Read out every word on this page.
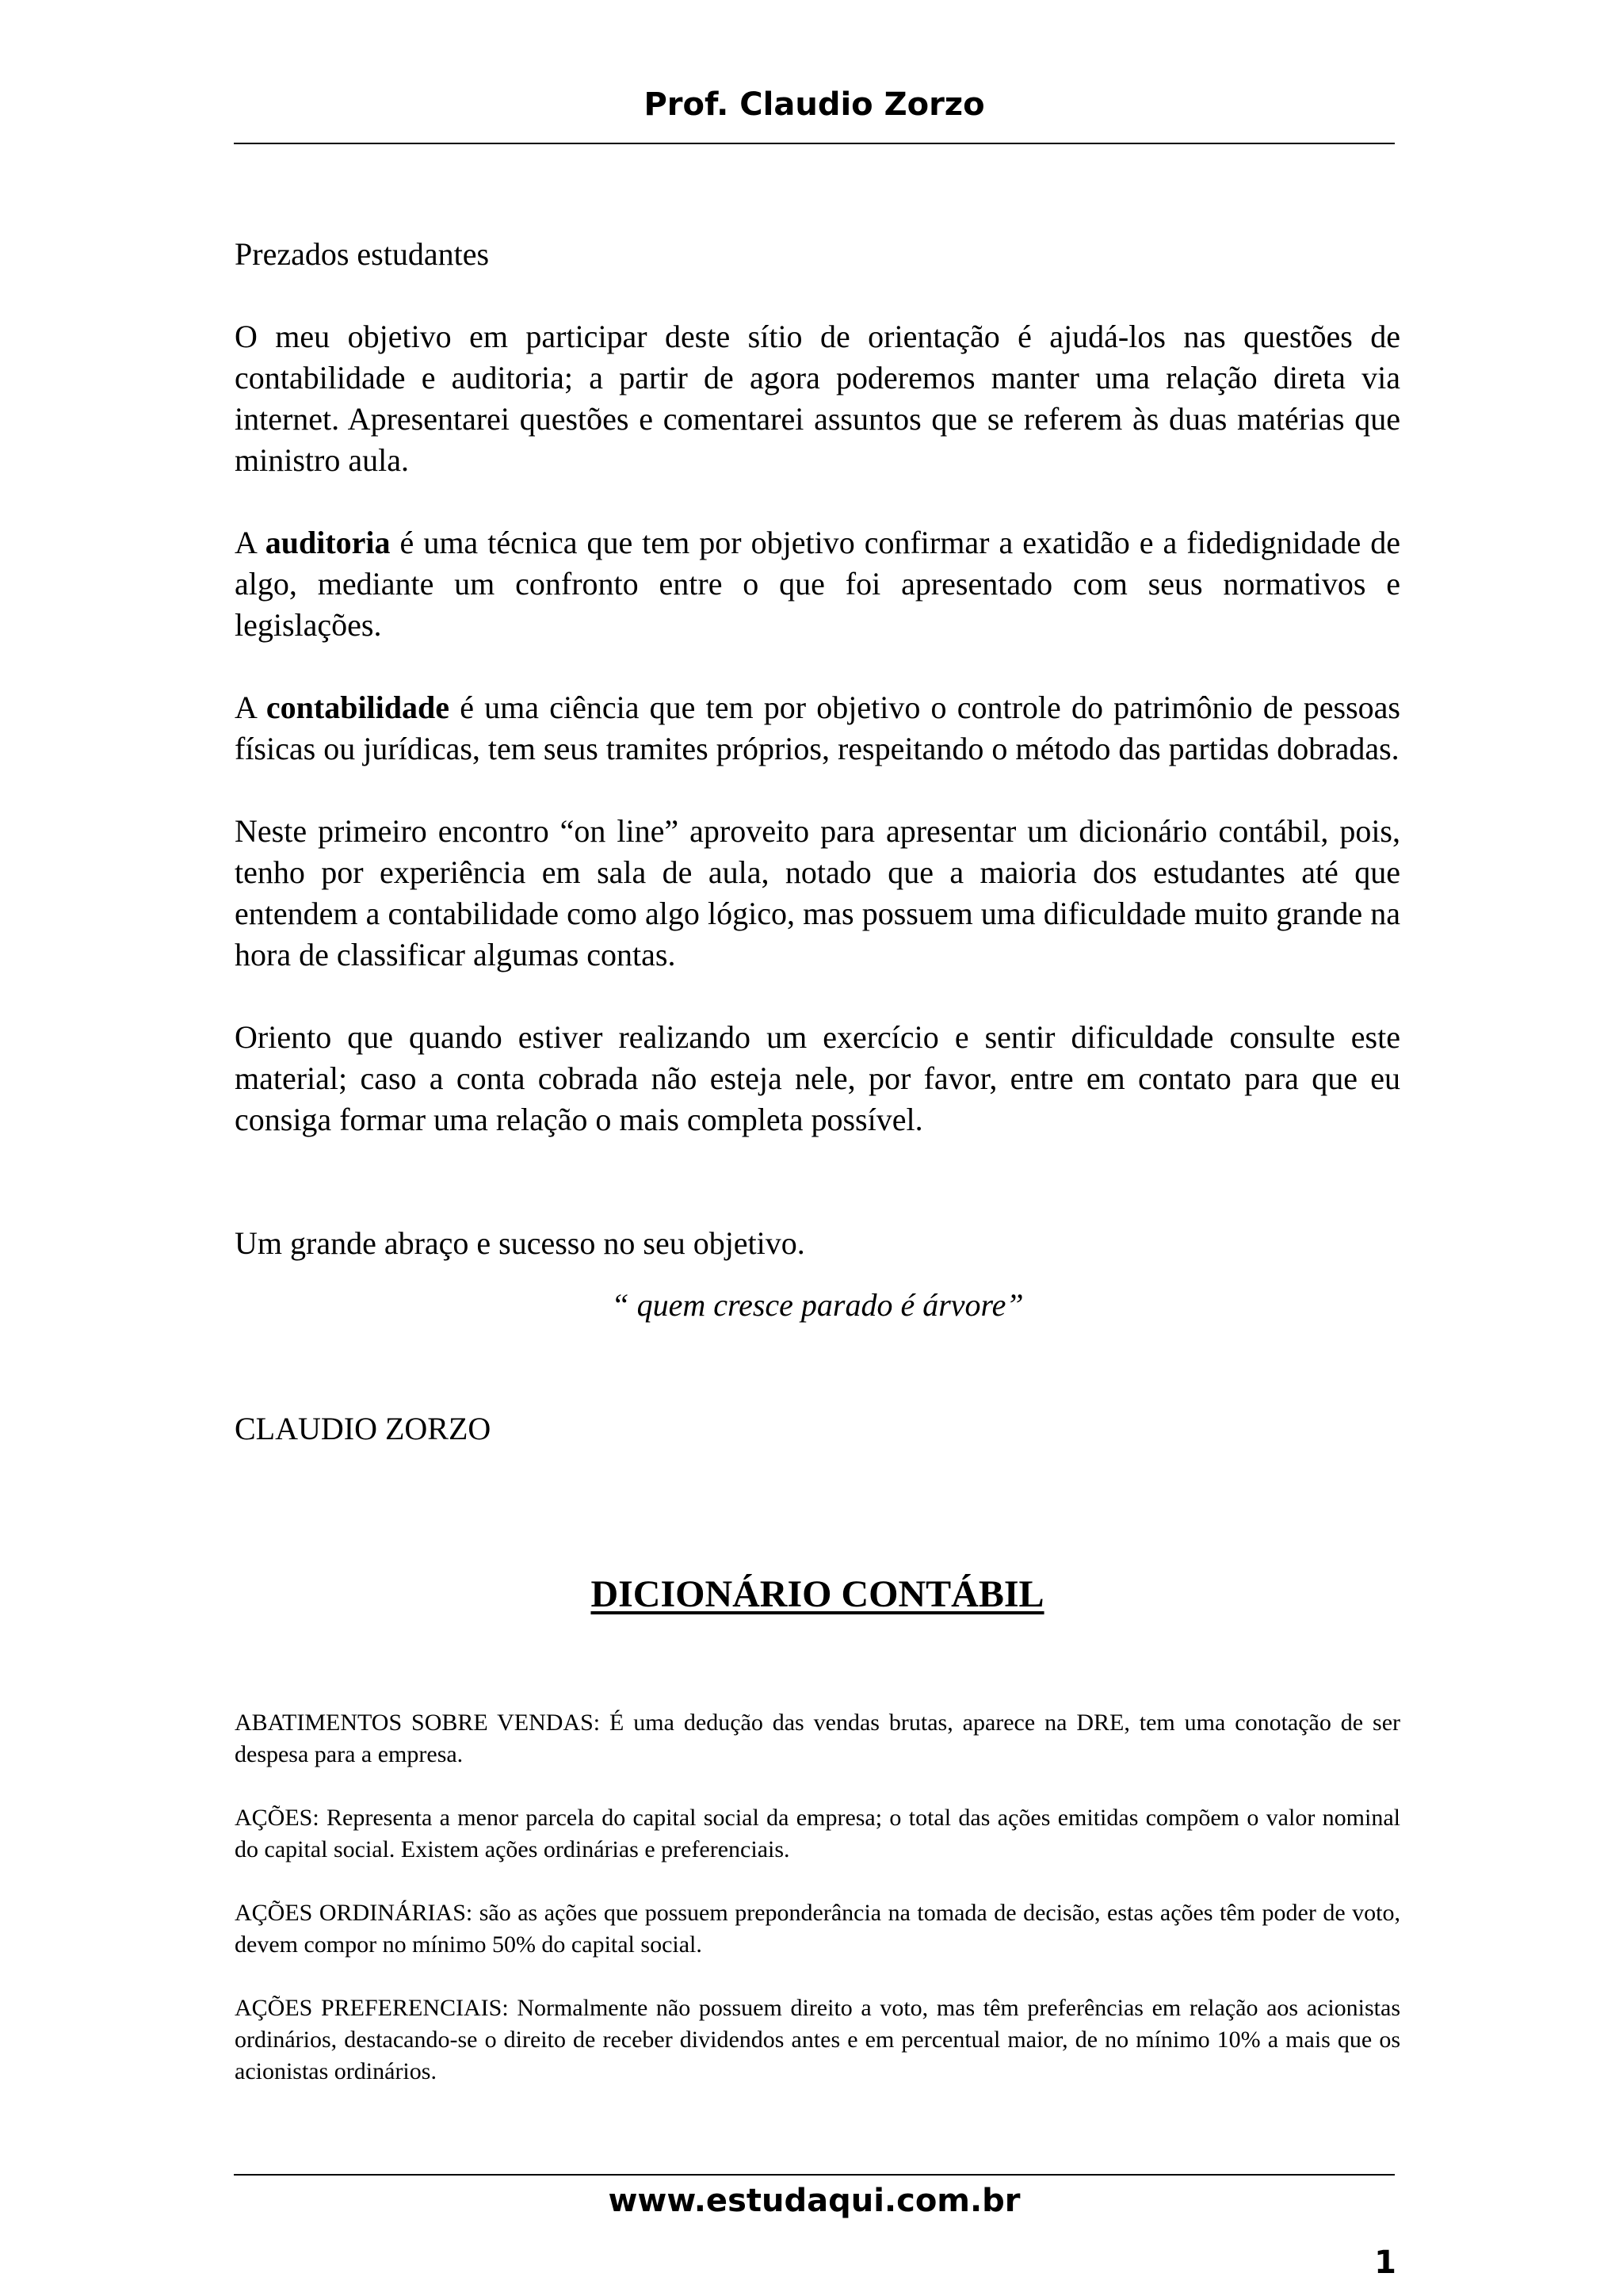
Prof. Claudio Zorzo

Prezados estudantes

O meu objetivo em participar deste sítio de orientação é ajudá-los nas questões de contabilidade e auditoria; a partir de agora poderemos manter uma relação direta via internet. Apresentarei questões e comentarei assuntos que se referem às duas matérias que ministro aula.

A auditoria é uma técnica que tem por objetivo confirmar a exatidão e a fidedignidade de algo, mediante um confronto entre o que foi apresentado com seus normativos e legislações.

A contabilidade é uma ciência que tem por objetivo o controle do patrimônio de pessoas físicas ou jurídicas, tem seus tramites próprios, respeitando o método das partidas dobradas.

Neste primeiro encontro “on line” aproveito para apresentar um dicionário contábil, pois, tenho por experiência em sala de aula, notado que a maioria dos estudantes até que entendem a contabilidade como algo lógico, mas possuem uma dificuldade muito grande na hora de classificar algumas contas.

Oriento que quando estiver realizando um exercício e sentir dificuldade consulte este material; caso a conta cobrada não esteja nele, por favor, entre em contato para que eu consiga formar uma relação o mais completa possível.

Um grande abraço e sucesso no seu objetivo.

“ quem cresce parado é árvore”

CLAUDIO ZORZO

DICIONÁRIO CONTÁBIL

ABATIMENTOS SOBRE VENDAS: É uma dedução das vendas brutas, aparece na DRE, tem uma conotação de ser despesa para a empresa.

AÇÕES: Representa a menor parcela do capital social da empresa; o total das ações emitidas compõem o valor nominal do capital social. Existem ações ordinárias e preferenciais.

AÇÕES ORDINÁRIAS: são as ações que possuem preponderância na tomada de decisão, estas ações têm poder de voto, devem compor no mínimo 50% do capital social.

AÇÕES PREFERENCIAIS: Normalmente não possuem direito a voto, mas têm preferências em relação aos acionistas ordinários, destacando-se o direito de receber dividendos antes e em percentual maior, de no mínimo 10% a mais que os acionistas ordinários.

www.estudaqui.com.br
1
